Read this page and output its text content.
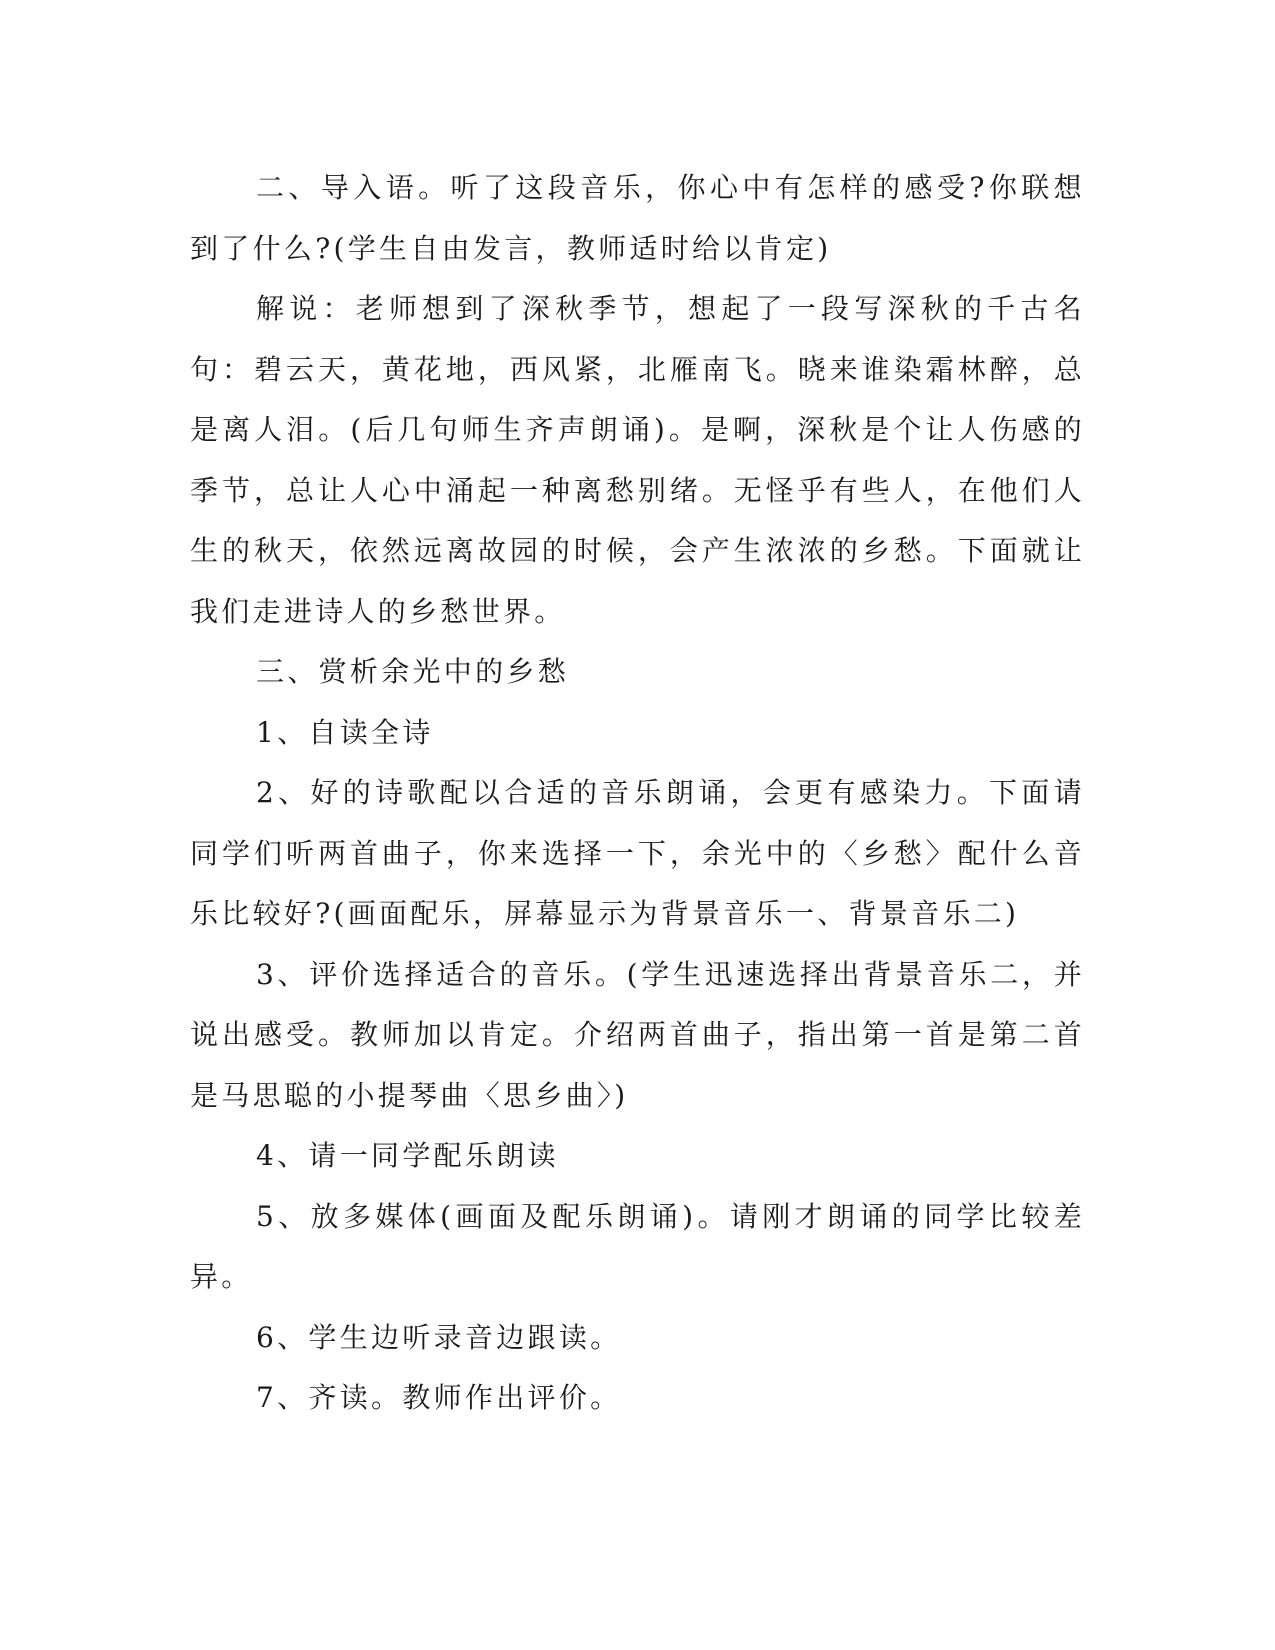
二、导入语。听了这段音乐，你心中有怎样的感受?你联想到了什么?(学生自由发言，教师适时给以肯定)

解说：老师想到了深秋季节，想起了一段写深秋的千古名句：碧云天，黄花地，西风紧，北雁南飞。晓来谁染霜林醉，总是离人泪。(后几句师生齐声朗诵)。是啊，深秋是个让人伤感的季节，总让人心中涌起一种离愁别绪。无怪乎有些人，在他们人生的秋天，依然远离故园的时候，会产生浓浓的乡愁。下面就让我们走进诗人的乡愁世界。

三、赏析余光中的乡愁

1、自读全诗

2、好的诗歌配以合适的音乐朗诵，会更有感染力。下面请同学们听两首曲子，你来选择一下，余光中的〈乡愁〉配什么音乐比较好?(画面配乐，屏幕显示为背景音乐一、背景音乐二)

3、评价选择适合的音乐。(学生迅速选择出背景音乐二，并说出感受。教师加以肯定。介绍两首曲子，指出第一首是第二首是马思聪的小提琴曲〈思乡曲〉)

4、请一同学配乐朗读

5、放多媒体(画面及配乐朗诵)。请刚才朗诵的同学比较差异。

6、学生边听录音边跟读。

7、齐读。教师作出评价。
